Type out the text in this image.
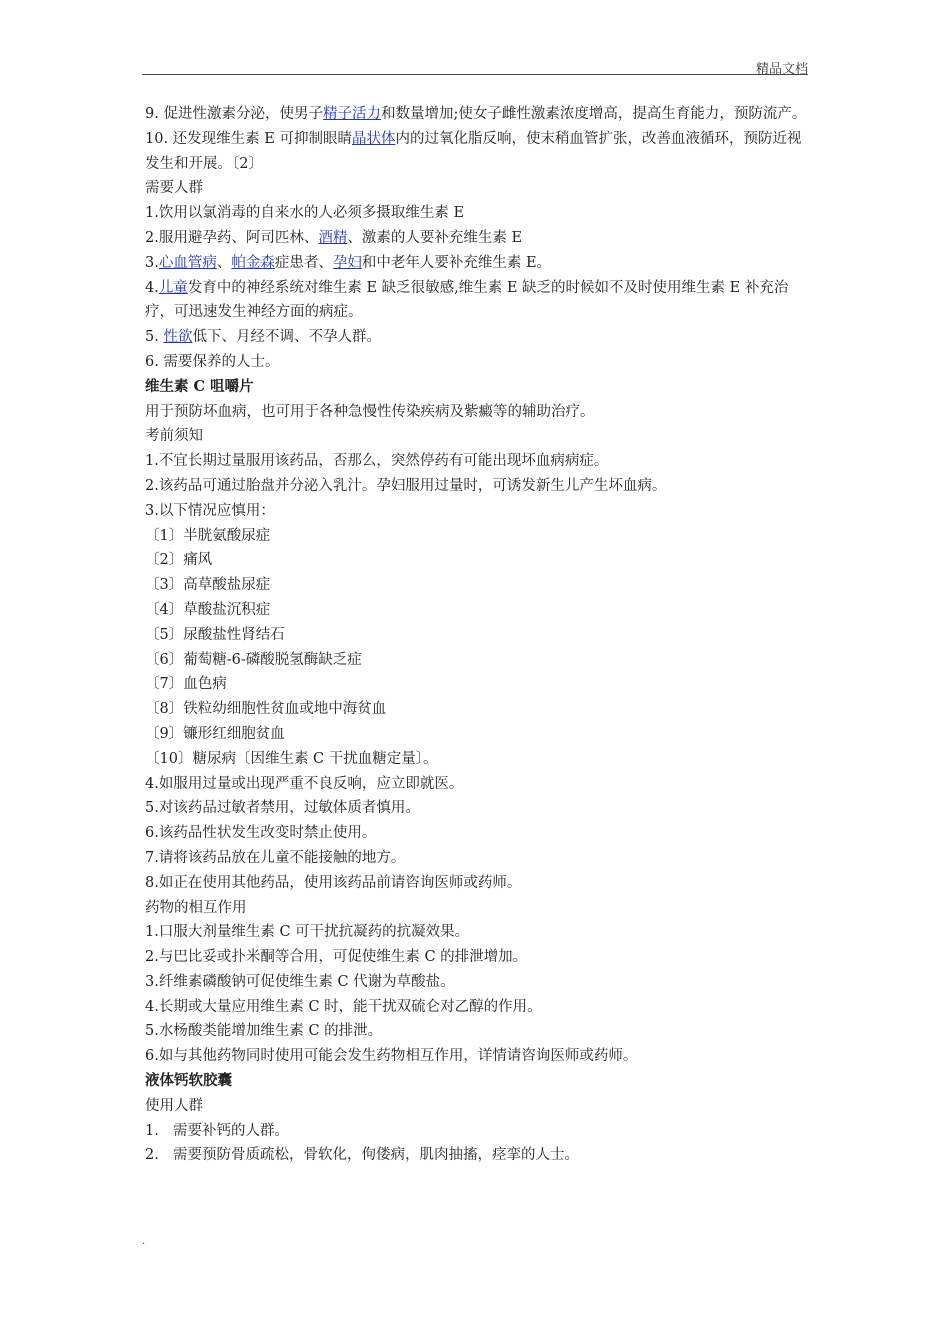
精品文档
9. 促进性激素分泌，使男子精子活力和数量增加;使女子雌性激素浓度增高，提高生育能力，预防流产。
10. 还发现维生素 E 可抑制眼睛晶状体内的过氧化脂反响，使末稍血管扩张，改善血液循环，预防近视发生和开展。〔2〕
需要人群
1.饮用以氯消毒的自来水的人必须多摄取维生素 E
2.服用避孕药、阿司匹林、酒精、激素的人要补充维生素 E
3.心血管病、帕金森症患者、孕妇和中老年人要补充维生素 E。
4.儿童发育中的神经系统对维生素 E 缺乏很敏感,维生素 E 缺乏的时候如不及时使用维生素 E 补充治疗，可迅速发生神经方面的病症。
5. 性欲低下、月经不调、不孕人群。
6. 需要保养的人士。
维生素 C 咀嚼片
用于预防坏血病，也可用于各种急慢性传染疾病及紫癜等的辅助治疗。
考前须知
1.不宜长期过量服用该药品，否那么，突然停药有可能出现坏血病病症。
2.该药品可通过胎盘并分泌入乳汁。孕妇服用过量时，可诱发新生儿产生坏血病。
3.以下情况应慎用：
〔1〕半胱氨酸尿症
〔2〕痛风
〔3〕高草酸盐尿症
〔4〕草酸盐沉积症
〔5〕尿酸盐性肾结石
〔6〕葡萄糖-6-磷酸脱氢酶缺乏症
〔7〕血色病
〔8〕铁粒幼细胞性贫血或地中海贫血
〔9〕镰形红细胞贫血
〔10〕糖尿病〔因维生素 C 干扰血糖定量〕。
4.如服用过量或出现严重不良反响，应立即就医。
5.对该药品过敏者禁用，过敏体质者慎用。
6.该药品性状发生改变时禁止使用。
7.请将该药品放在儿童不能接触的地方。
8.如正在使用其他药品，使用该药品前请咨询医师或药师。
药物的相互作用
1.口服大剂量维生素 C 可干扰抗凝药的抗凝效果。
2.与巴比妥或扑米酮等合用，可促使维生素 C 的排泄增加。
3.纤维素磷酸钠可促使维生素 C 代谢为草酸盐。
4.长期或大量应用维生素 C 时，能干扰双硫仑对乙醇的作用。
5.水杨酸类能增加维生素 C 的排泄。
6.如与其他药物同时使用可能会发生药物相互作用，详情请咨询医师或药师。
液体钙软胶囊
使用人群
1. 需要补钙的人群。
2. 需要预防骨质疏松，骨软化，佝偻病，肌肉抽搐，痉挛的人士。
.
